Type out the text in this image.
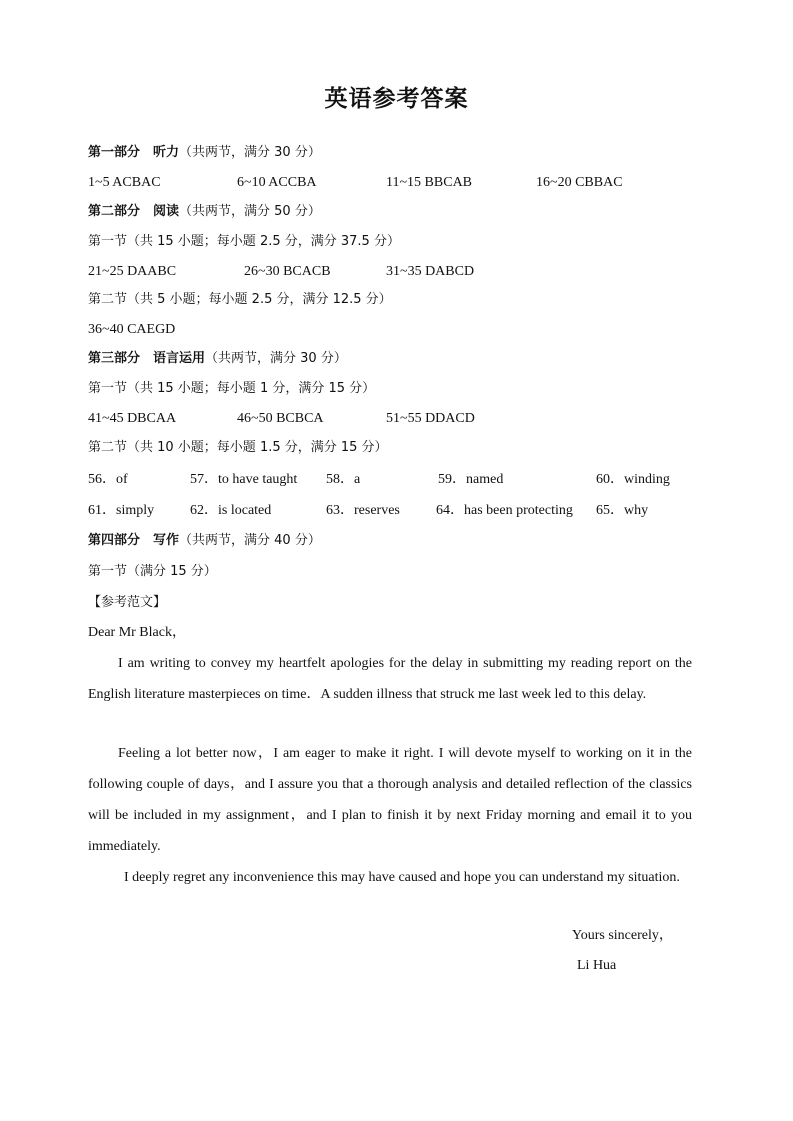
英语参考答案
第一部分　听力（共两节，满分 30 分）
1~5 ACBAC	6~10 ACCBA	11~15 BBCAB	16~20 CBBAC
第二部分　阅读（共两节，满分 50 分）
第一节（共 15 小题；每小题 2.5 分，满分 37.5 分）
21~25 DAABC	26~30 BCACB	31~35 DABCD
第二节（共 5 小题；每小题 2.5 分，满分 12.5 分）
36~40 CAEGD
第三部分　语言运用（共两节，满分 30 分）
第一节（共 15 小题；每小题 1 分，满分 15 分）
41~45 DBCAA	46~50 BCBCA	51~55 DDACD
第二节（共 10 小题；每小题 1.5 分，满分 15 分）
56．of	57．to have taught 58．a	59．named	60．winding
61．simply	62．is located	63．reserves	64．has been protecting 65．why
第四部分　写作（共两节，满分 40 分）
第一节（满分 15 分）
【参考范文】
Dear Mr Black，
I am writing to convey my heartfelt apologies for the delay in submitting my reading report on the English literature masterpieces on time．A sudden illness that struck me last week led to this delay.
Feeling a lot better now，I am eager to make it right. I will devote myself to working on it in the following couple of days，and I assure you that a thorough analysis and detailed reflection of the classics will be included in my assignment，and I plan to finish it by next Friday morning and email it to you immediately.
I deeply regret any inconvenience this may have caused and hope you can understand my situation.
Yours sincerely，
Li Hua
